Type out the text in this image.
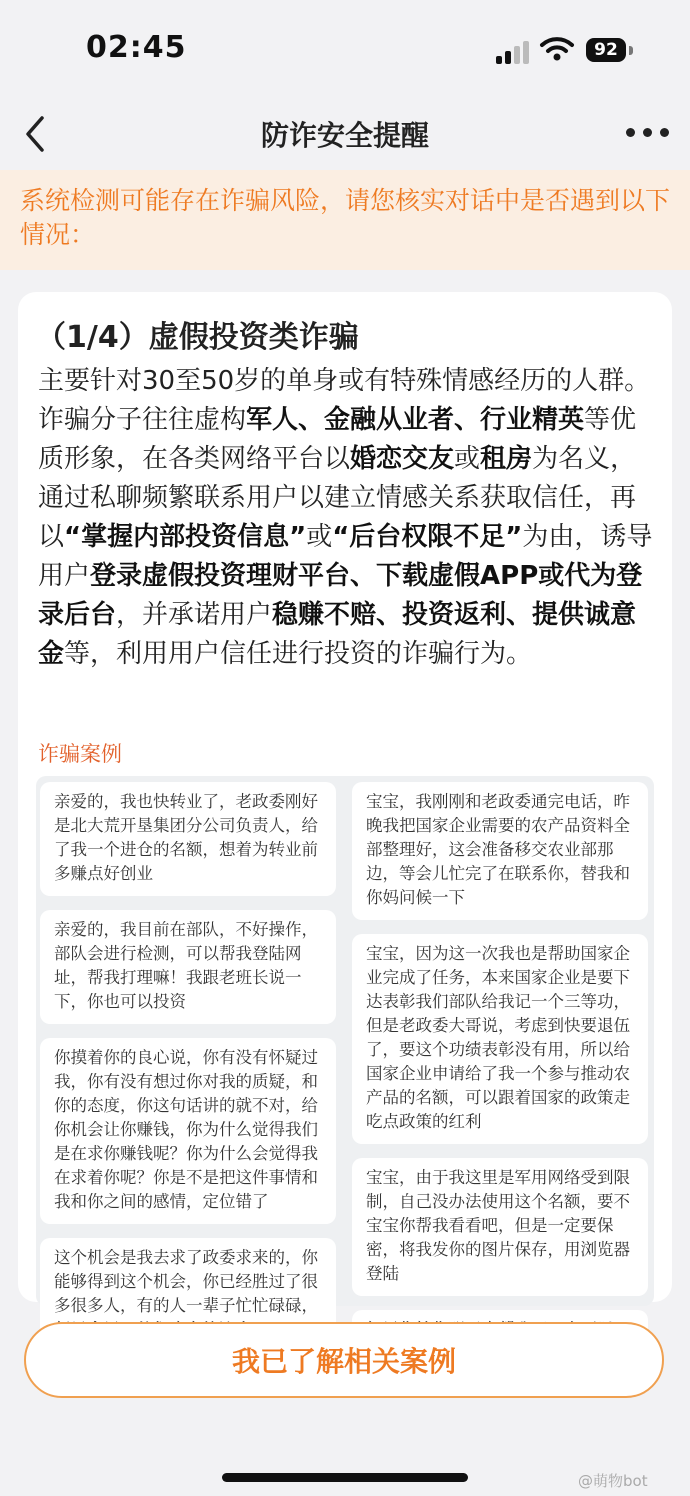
02:45	92
防诈安全提醒
系统检测可能存在诈骗风险，请您核实对话中是否遇到以下情况：
（1/4）虚假投资类诈骗
主要针对30至50岁的单身或有特殊情感经历的人群。诈骗分子往往虚构军人、金融从业者、行业精英等优质形象，在各类网络平台以婚恋交友或租房为名义，通过私聊频繁联系用户以建立情感关系获取信任，再以“掌握内部投资信息”或“后台权限不足”为由，诱导用户登录虚假投资理财平台、下载虚假APP或代为登录后台，并承诺用户稳赚不赔、投资返利、提供诚意金等，利用用户信任进行投资的诈骗行为。
诈骗案例
亲爱的，我也快转业了，老政委刚好是北大荒开垦集团分公司负责人，给了我一个进仓的名额，想着为转业前多赚点好创业
亲爱的，我目前在部队，不好操作，部队会进行检测，可以帮我登陆网址，帮我打理嘛！我跟老班长说一下，你也可以投资
你摸着你的良心说，你有没有怀疑过我，你有没有想过你对我的质疑，和你的态度，你这句话讲的就不对，给你机会让你赚钱，你为什么觉得我们是在求你赚钱呢？你为什么会觉得我在求着你呢？你是不是把这件事情和我和你之间的感情，定位错了
这个机会是我去求了政委求来的，你能够得到这个机会，你已经胜过了很多很多人，有的人一辈子忙忙碌碌，
宝宝，我刚刚和老政委通完电话，昨晚我把国家企业需要的农产品资料全部整理好，这会准备移交农业部那边，等会儿忙完了在联系你，替我和你妈问候一下
宝宝，因为这一次我也是帮助国家企业完成了任务，本来国家企业是要下达表彰我们部队给我记一个三等功，但是老政委大哥说，考虑到快要退伍了，要这个功绩表彰没有用，所以给国家企业申请给了我一个参与推动农产品的名额，可以跟着国家的政策走吃点政策的红利
宝宝，由于我这里是军用网络受到限制，自己没办法使用这个名额，要不宝宝你帮我看看吧，但是一定要保密，将我发你的图片保存，用浏览器登陆
我已了解相关案例
@萌物bot
